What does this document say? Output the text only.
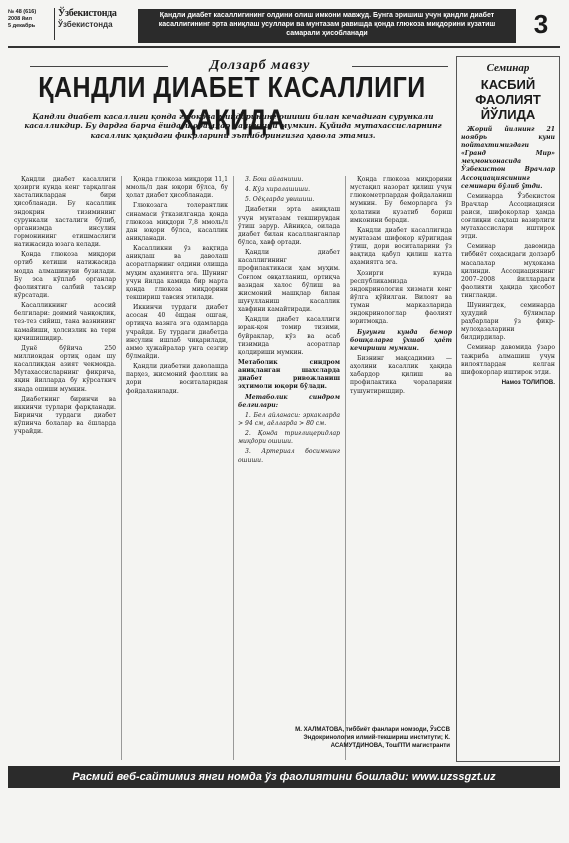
№ 48 (616)
2008 йил
5 декабрь
Ўзбекистонда
Ўзбекистонда
Қандли диабет касаллигининг олдини олиш имкони мавжуд. Бунга эришиш учун қандли диабет касаллигининг эрта аниқлаш усуллари ва мунтазам равишда қонда глюкоза миқдорини кузатиш самарали ҳисобланади	3
Долзарб мавзу
ҚАНДЛИ ДИАБЕТ КАСАЛЛИГИ ҲАҚИДА
Қандли диабет касаллиги қонда глюкоза миқдорининг ошиши билан кечадиган сурункали касалликдир. Бу дардга барча ёшдаги одамлар чалиниши мумкин. Қуйида мутахассисларнинг касаллик ҳақидаги фикрларини эътиборингизга ҳавола этамиз.

Қандли диабет касаллиги ҳозирги кунда кенг тарқалган хасталиклардан бири ҳисобланади. Бу касаллик эндокрин тизимининг сурункали хасталиги бўлиб, организмда инсулин гормонининг етишмаслиги натижасида юзага келади.

Қонда глюкоза миқдори ортиб кетиши натижасида модда алмашинуви бузилади. Бу эса кўплаб органлар фаолиятига салбий таъсир кўрсатади.

Касалликнинг асосий белгилари: доимий чанқоқлик, тез-тез сийиш, тана вазнининг камайиши, ҳолсизлик ва тери қичишишидир.

Дунё бўйича 250 миллиондан ортиқ одам шу касалликдан азият чекмоқда. Мутахассисларнинг фикрича, яқин йилларда бу кўрсаткич янада ошиши мумкин.

Диабетнинг биринчи ва иккинчи турлари фарқланади. Биринчи турдаги диабет кўпинча болалар ва ёшларда учрайди.

Қонда глюкоза миқдори 11,1 ммоль/л дан юқори бўлса, бу ҳолат диабет ҳисобланади.

Глюкозага толерантлик синамаси ўтказилганда қонда глюкоза миқдори 7,8 ммоль/л дан юқори бўлса, касаллик аниқланади.

Касалликни ўз вақтида аниқлаш ва даволаш асоратларнинг олдини олишда муҳим аҳамиятга эга. Шунинг учун йилда камида бир марта қонда глюкоза миқдорини текшириш тавсия этилади.

Иккинчи турдаги диабет асосан 40 ёшдан ошган, ортиқча вазнга эга одамларда учрайди. Бу турдаги диабетда инсулин ишлаб чиқарилади, аммо ҳужайралар унга сезгир бўлмайди.

Қандли диабетни даволашда парҳез, жисмоний фаоллик ва дори воситаларидан фойдаланилади.

3. Бош айланиши.

4. Кўз хиралашиши.

5. Оёқларда увишиш.

Диабетни эрта аниқлаш учун мунтазам текширувдан ўтиш зарур. Айниқса, оилада диабет билан касалланганлар бўлса, хавф ортади.

Қандли диабет касаллигининг профилактикаси ҳам муҳим. Соғлом овқатланиш, ортиқча вазндан халос бўлиш ва жисмоний машқлар билан шуғулланиш касаллик хавфини камайтиради.

Қандли диабет касаллиги юрак-қон томир тизими, буйраклар, кўз ва асаб тизимида асоратлар қолдириши мумкин.

Метаболик синдром аниқланган шахсларда диабет ривожланиш эҳтимоли юқори бўлади.

Метаболик синдром белгилари:

1. Бел айланаси: эркакларда > 94 см, аёлларда > 80 см.

2. Қонда триглицеридлар миқдори ошиши.

3. Артериал босимнинг ошиши.

Қонда глюкоза миқдорини мустақил назорат қилиш учун глюкометрлардан фойдаланиш мумкин. Бу беморларга ўз ҳолатини кузатиб бориш имконини беради.

Қандли диабет касаллигида мунтазам шифокор кўригидан ўтиш, дори воситаларини ўз вақтида қабул қилиш катта аҳамиятга эга.

Ҳозирги кунда республикамизда эндокринология хизмати кенг йўлга қўйилган. Вилоят ва туман марказларида эндокринологлар фаолият юритмоқда.

Бугунги кунда бемор бошқаларга ўхшаб ҳаёт кечириши мумкин.

Бизнинг мақсадимиз — аҳолини касаллик ҳақида хабардор қилиш ва профилактика чораларини тушунтиришдир.

М. ХАЛМАТОВА, тиббиёт фанлари номзоди, ЎзССВ Эндокринология илмий-текшириш институти; К. АСАМУТДИНОВА, ТошПТИ магистранти
Семинар
КАСБИЙ ФАОЛИЯТ ЙЎЛИДА

Жорий йилнинг 21 ноябрь куни пойтахтимиздаги «Гранд Мир» меҳмонхонасида Ўзбекистон Врачлар Ассоциациясининг семинари бўлиб ўтди.

Семинарда Ўзбекистон Врачлар Ассоциацияси раиси, шифокорлар ҳамда соғлиқни сақлаш вазирлиги мутахассислари иштирок этди.

Семинар давомида тиббиёт соҳасидаги долзарб масалалар муҳокама қилинди. Ассоциациянинг 2007–2008 йиллардаги фаолияти ҳақида ҳисобот тингланди.

Шунингдек, семинарда ҳудудий бўлимлар раҳбарлари ўз фикр-мулоҳазаларини билдирдилар.

Семинар давомида ўзаро тажриба алмашиш учун вилоятлардан келган шифокорлар иштирок этди.

Намоз ТОЛИПОВ.
Расмий веб-сайтимиз янги номда ўз фаолиятини бошлади: www.uzssgzt.uz
